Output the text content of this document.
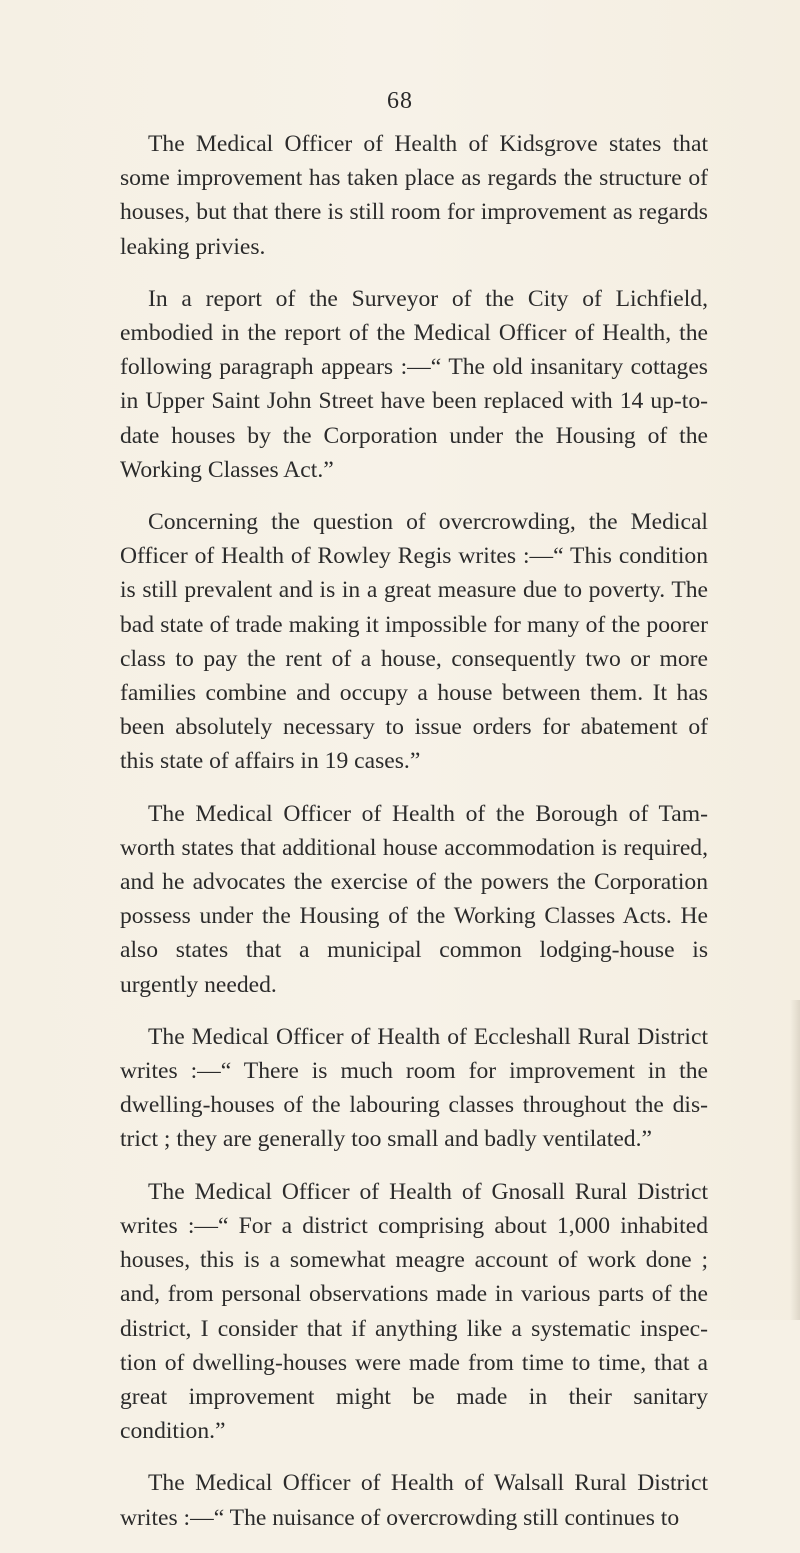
68

The Medical Officer of Health of Kidsgrove states that some improvement has taken place as regards the structure of houses, but that there is still room for improvement as regards leaking privies.

In a report of the Surveyor of the City of Lichfield, embodied in the report of the Medical Officer of Health, the following paragraph appears :—“ The old insanitary cottages in Upper Saint John Street have been replaced with 14 up-to-date houses by the Corporation under the Housing of the Working Classes Act.”

Concerning the question of overcrowding, the Medical Officer of Health of Rowley Regis writes :—“ This condition is still prevalent and is in a great measure due to poverty. The bad state of trade making it impossible for many of the poorer class to pay the rent of a house, consequently two or more families combine and occupy a house between them. It has been absolutely necessary to issue orders for abatement of this state of affairs in 19 cases.”

The Medical Officer of Health of the Borough of Tam-worth states that additional house accommodation is required, and he advocates the exercise of the powers the Corporation possess under the Housing of the Working Classes Acts. He also states that a municipal common lodging-house is urgently needed.

The Medical Officer of Health of Eccleshall Rural District writes :—“ There is much room for improvement in the dwelling-houses of the labouring classes throughout the dis-trict ; they are generally too small and badly ventilated.”

The Medical Officer of Health of Gnosall Rural District writes :—“ For a district comprising about 1,000 inhabited houses, this is a somewhat meagre account of work done ; and, from personal observations made in various parts of the district, I consider that if anything like a systematic inspec-tion of dwelling-houses were made from time to time, that a great improvement might be made in their sanitary condition.”

The Medical Officer of Health of Walsall Rural District writes :—“ The nuisance of overcrowding still continues to
